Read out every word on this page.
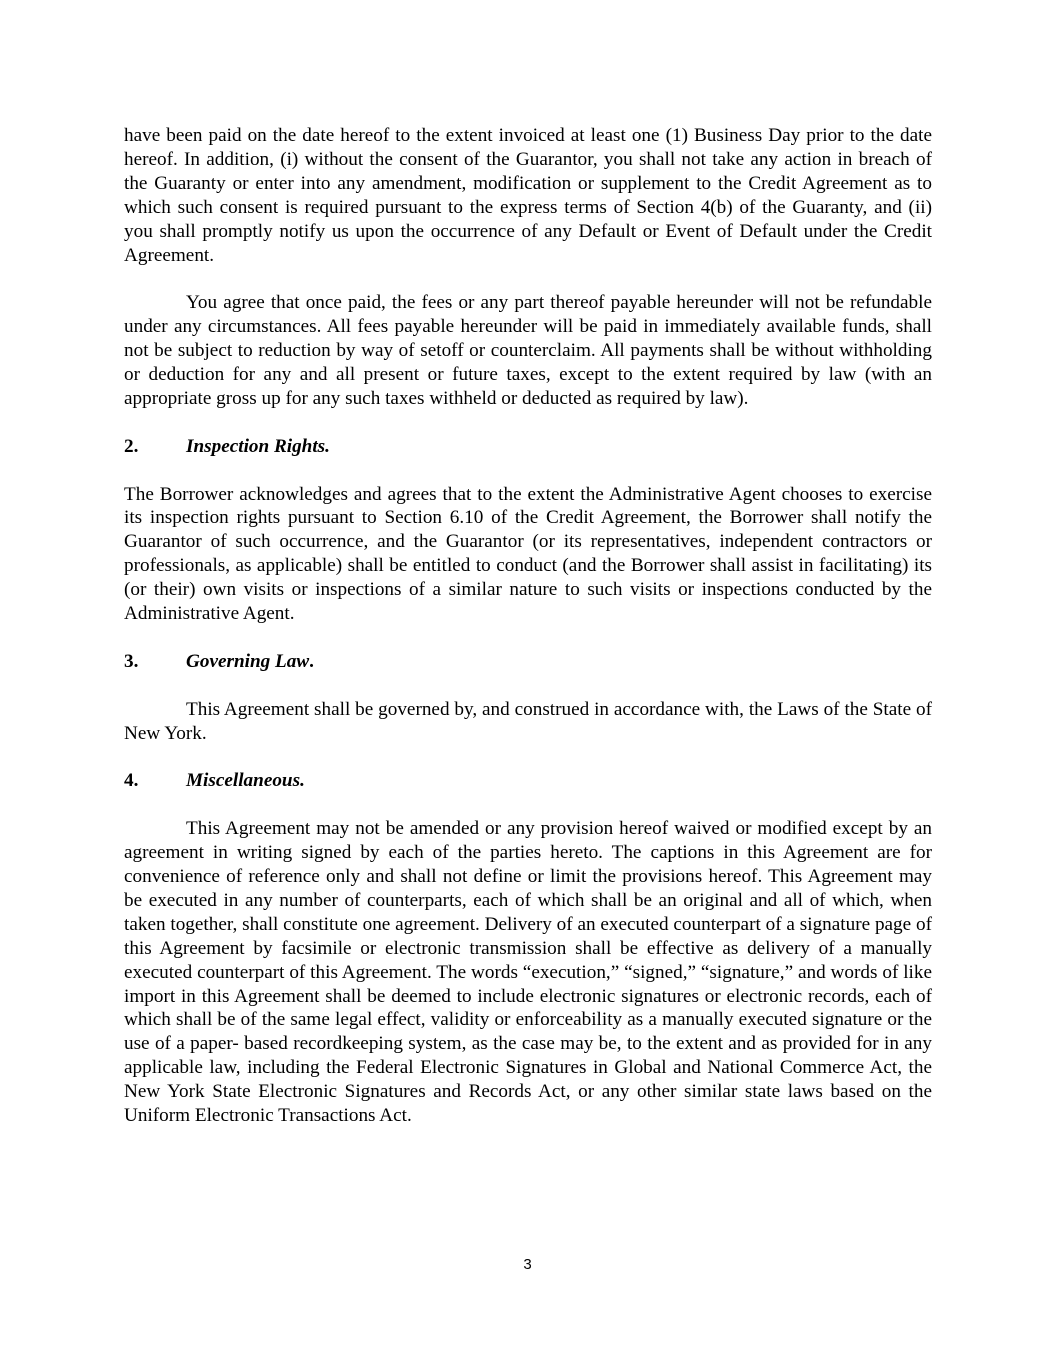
have been paid on the date hereof to the extent invoiced at least one (1) Business Day prior to the date hereof. In addition, (i) without the consent of the Guarantor, you shall not take any action in breach of the Guaranty or enter into any amendment, modification or supplement to the Credit Agreement as to which such consent is required pursuant to the express terms of Section 4(b) of the Guaranty, and (ii) you shall promptly notify us upon the occurrence of any Default or Event of Default under the Credit Agreement.

You agree that once paid, the fees or any part thereof payable hereunder will not be refundable under any circumstances. All fees payable hereunder will be paid in immediately available funds, shall not be subject to reduction by way of setoff or counterclaim. All payments shall be without withholding or deduction for any and all present or future taxes, except to the extent required by law (with an appropriate gross up for any such taxes withheld or deducted as required by law).

2.	Inspection Rights.

The Borrower acknowledges and agrees that to the extent the Administrative Agent chooses to exercise its inspection rights pursuant to Section 6.10 of the Credit Agreement, the Borrower shall notify the Guarantor of such occurrence, and the Guarantor (or its representatives, independent contractors or professionals, as applicable) shall be entitled to conduct (and the Borrower shall assist in facilitating) its (or their) own visits or inspections of a similar nature to such visits or inspections conducted by the Administrative Agent.

3.	Governing Law.

This Agreement shall be governed by, and construed in accordance with, the Laws of the State of New York.

4.	Miscellaneous.

This Agreement may not be amended or any provision hereof waived or modified except by an agreement in writing signed by each of the parties hereto. The captions in this Agreement are for convenience of reference only and shall not define or limit the provisions hereof. This Agreement may be executed in any number of counterparts, each of which shall be an original and all of which, when taken together, shall constitute one agreement. Delivery of an executed counterpart of a signature page of this Agreement by facsimile or electronic transmission shall be effective as delivery of a manually executed counterpart of this Agreement. The words “execution,” “signed,” “signature,” and words of like import in this Agreement shall be deemed to include electronic signatures or electronic records, each of which shall be of the same legal effect, validity or enforceability as a manually executed signature or the use of a paper- based recordkeeping system, as the case may be, to the extent and as provided for in any applicable law, including the Federal Electronic Signatures in Global and National Commerce Act, the New York State Electronic Signatures and Records Act, or any other similar state laws based on the Uniform Electronic Transactions Act.

3
